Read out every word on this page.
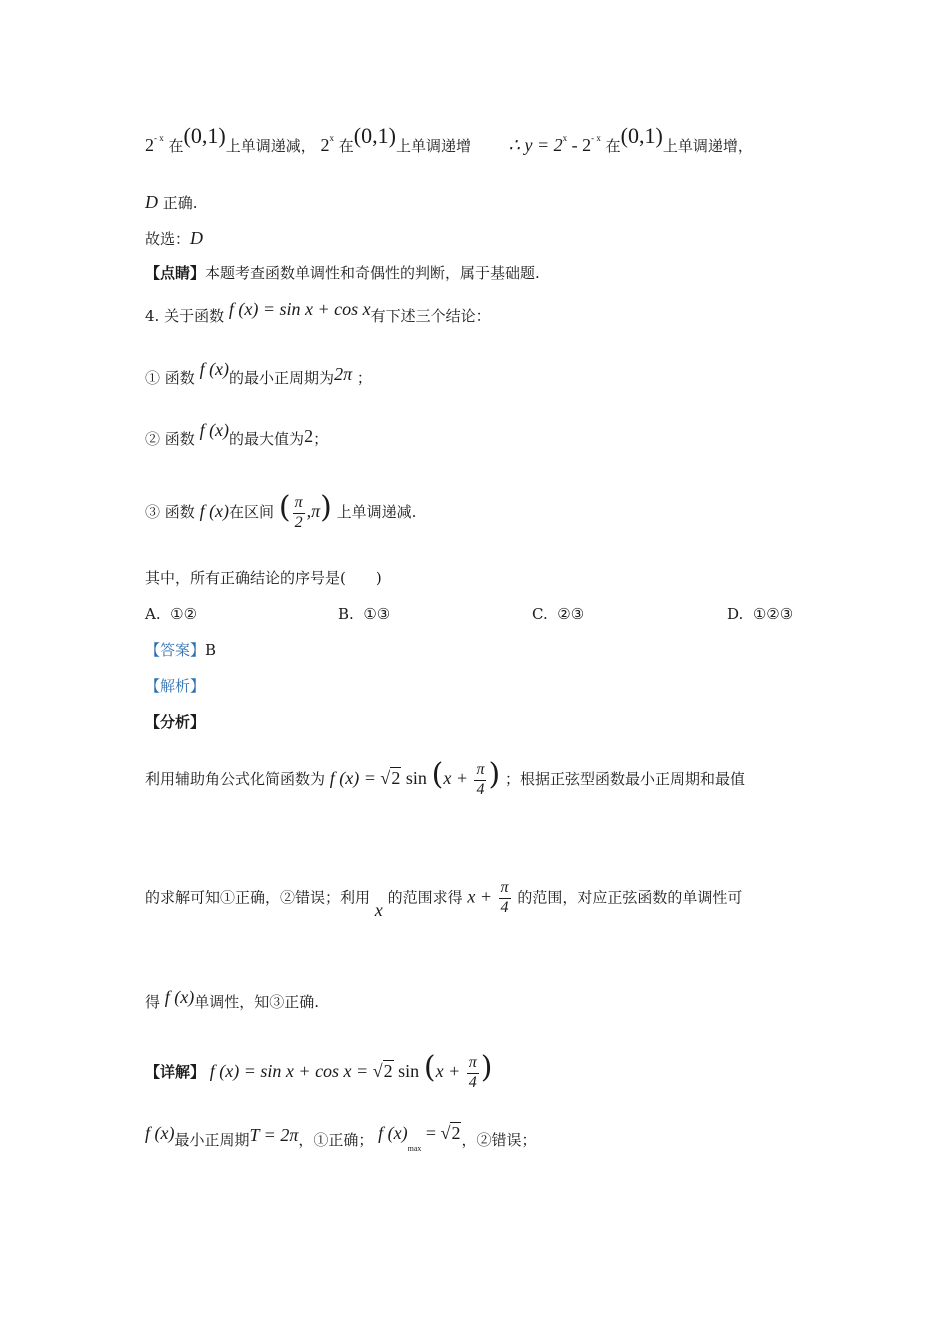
$2^{- x}$ 在(0,1)上单调递减， 2$^x$ 在(0,1)上单调递增 ∴ $y = 2^x - 2^{- x}$ 在(0,1)上单调递增，
D 正确.
故选：D
【点睛】本题考查函数单调性和奇偶性的判断，属于基础题.
4. 关于函数 f (x) = sin x + cos x有下述三个结论：
① 函数 f (x)的最小正周期为2π ；
② 函数 f (x)的最大值为2；
③ 函数 f (x)在区间 ( $\frac{\pi}{2} ,\pi$) 上单调递减.
其中，所有正确结论的序号是(　　)
A. ①②	B. ①③	C. ②③	D. ①②③
【答案】B
【解析】
【分析】
利用辅助角公式化简函数为 f (x) = √2 $\sin (x + \frac{\pi}{4}$ ) ；根据正弦型函数最小正周期和最值
的求解可知①正确，②错误；利用 x 的范围求得 $x + \frac{\pi}{4}$ 的范围，对应正弦函数的单调性可
得 f (x)单调性，知③正确.
【详解】 f (x) = sin x + cos x = √2 $\sin (x + \frac{\pi}{4}$ )
f (x)最小正周期T = 2π，①正确； f $(x)_{max} = √2$，②错误；
